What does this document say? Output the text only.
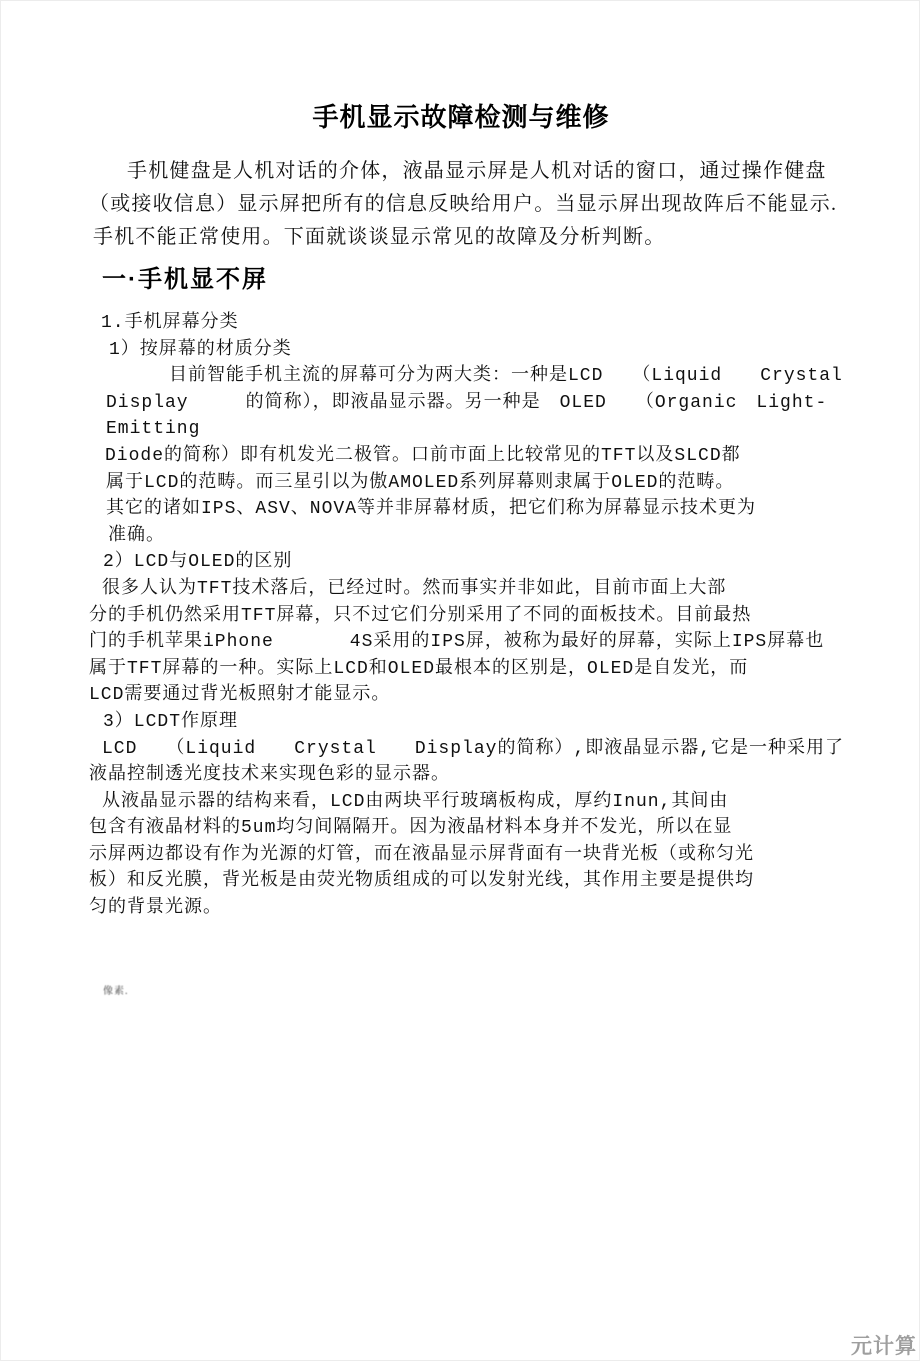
手机显示故障检测与维修
手机健盘是人机对话的介体，液晶显示屏是人机对话的窗口，通过操作健盘
（或接收信息）显示屏把所有的信息反映给用户。当显示屏出现故阵后不能显示.
手机不能正常使用。下面就谈谈显示常见的故障及分析判断。
一·手机显不屏
1.手机屏幕分类
1）按屏幕的材质分类
目前智能手机主流的屏幕可分为两大类：一种是LCD　　（Liquid　　Crystal
Display　　　的简称），即液晶显示器。另一种是　OLED　　（Organic　Light-
Emitting
Diode的简称）即有机发光二极管。口前市面上比较常见的TFT以及SLCD都
属于LCD的范畴。而三星引以为傲AMOLED系列屏幕则隶属于OLED的范畴。
其它的诸如IPS、ASV、NOVA等并非屏幕材质，把它们称为屏幕显示技术更为
准确。
2）LCD与OLED的区别
很多人认为TFT技术落后，已经过时。然而事实并非如此，目前市面上大部
分的手机仍然采用TFT屏幕，只不过它们分别采用了不同的面板技术。目前最热
门的手机苹果iPhone　　　　4S采用的IPS屏，被称为最好的屏幕，实际上IPS屏幕也
属于TFT屏幕的一种。实际上LCD和OLED最根本的区别是，OLED是自发光，而
LCD需要通过背光板照射才能显示。
3）LCDT作原理
LCD　　（Liquid　　Crystal　　Display的简称）,即液晶显示器,它是一种采用了
液晶控制透光度技术来实现色彩的显示器。
从液晶显示器的结构来看，LCD由两块平行玻璃板构成，厚约Inun,其间由
包含有液晶材料的5um均匀间隔隔开。因为液晶材料本身并不发光，所以在显
示屏两边都设有作为光源的灯管，而在液晶显示屏背面有一块背光板（或称匀光
板）和反光膜，背光板是由荧光物质组成的可以发射光线，其作用主要是提供均
匀的背景光源。
像素.
元计算
